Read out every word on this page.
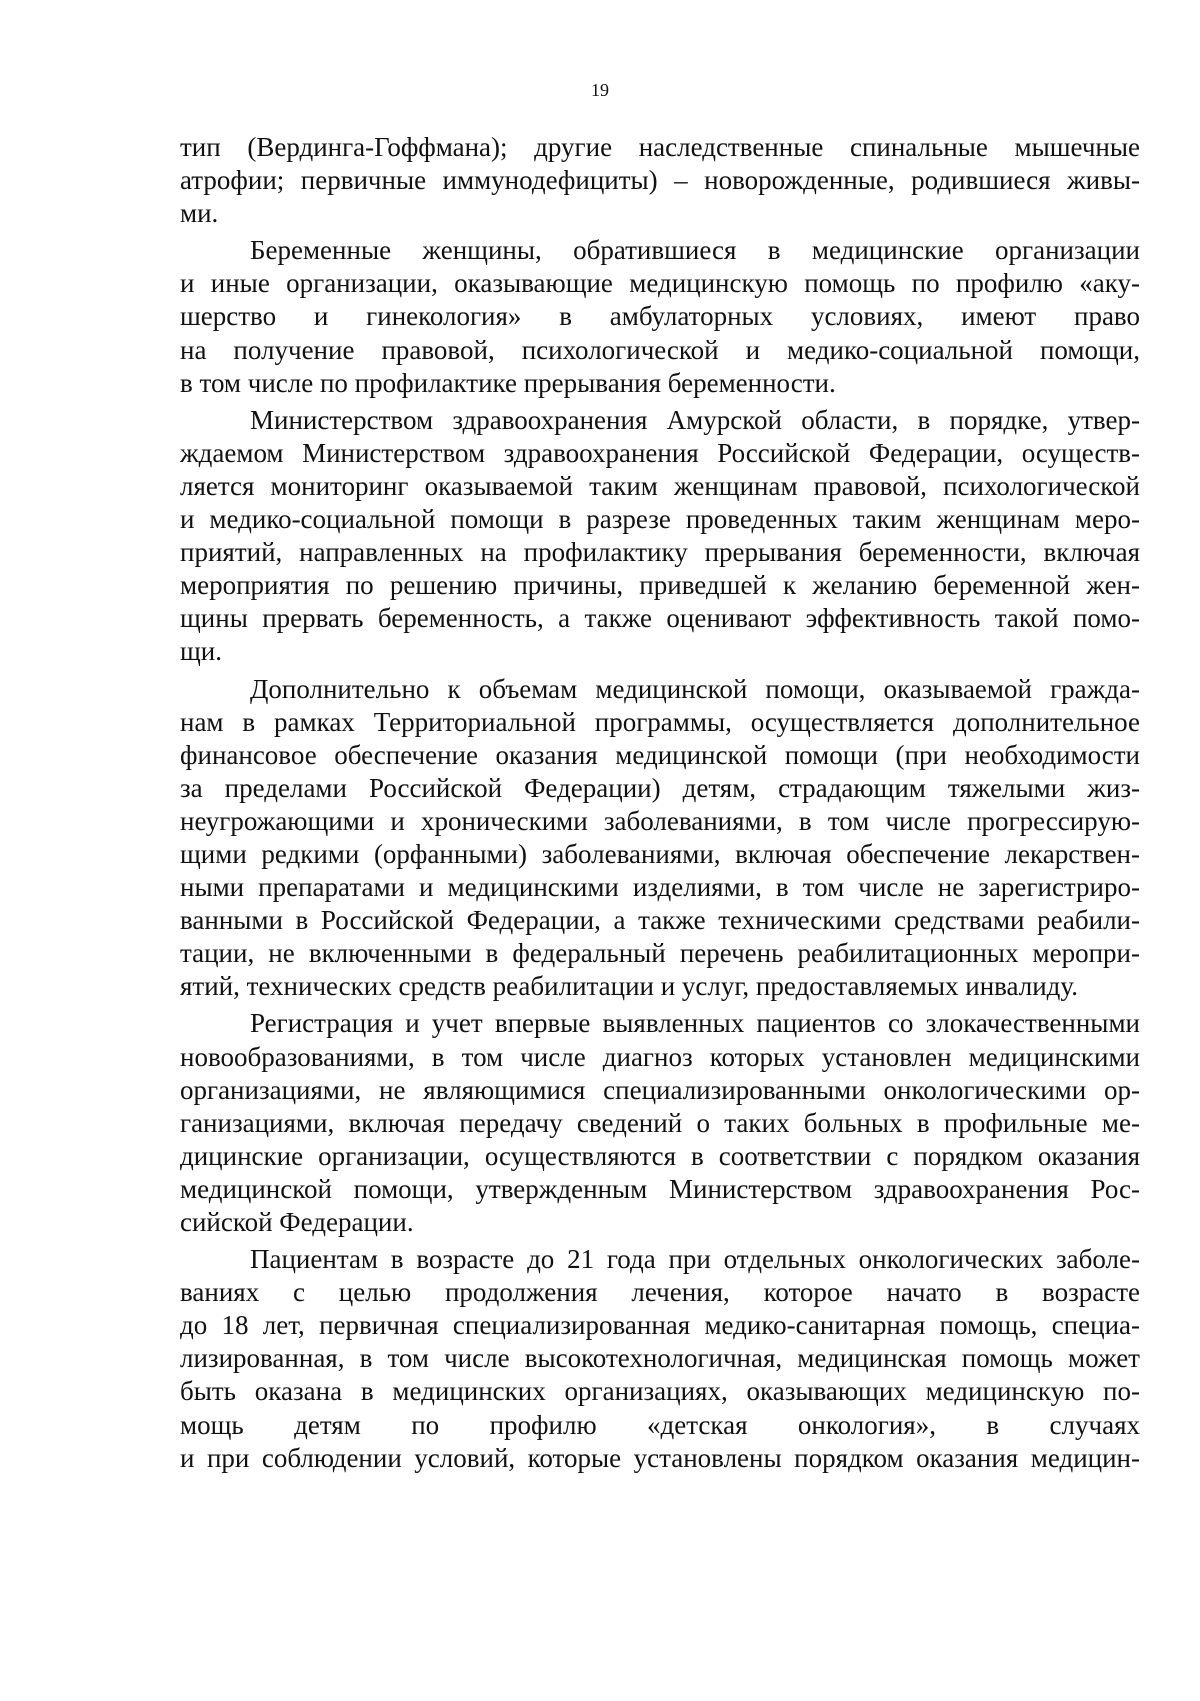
19
тип (Вердинга-Гоффмана); другие наследственные спинальные мышечные
атрофии; первичные иммунодефициты) – новорожденные, родившиеся живы-
ми.
Беременные женщины, обратившиеся в медицинские организации
и иные организации, оказывающие медицинскую помощь по профилю «аку-
шерство и гинекология» в амбулаторных условиях, имеют право
на получение правовой, психологической и медико-социальной помощи,
в том числе по профилактике прерывания беременности.
Министерством здравоохранения Амурской области, в порядке, утвер-
ждаемом Министерством здравоохранения Российской Федерации, осуществ-
ляется мониторинг оказываемой таким женщинам правовой, психологической
и медико-социальной помощи в разрезе проведенных таким женщинам меро-
приятий, направленных на профилактику прерывания беременности, включая
мероприятия по решению причины, приведшей к желанию беременной жен-
щины прервать беременность, а также оценивают эффективность такой помо-
щи.
Дополнительно к объемам медицинской помощи, оказываемой гражда-
нам в рамках Территориальной программы, осуществляется дополнительное
финансовое обеспечение оказания медицинской помощи (при необходимости
за пределами Российской Федерации) детям, страдающим тяжелыми жиз-
неугрожающими и хроническими заболеваниями, в том числе прогрессирую-
щими редкими (орфанными) заболеваниями, включая обеспечение лекарствен-
ными препаратами и медицинскими изделиями, в том числе не зарегистриро-
ванными в Российской Федерации, а также техническими средствами реабили-
тации, не включенными в федеральный перечень реабилитационных меропри-
ятий, технических средств реабилитации и услуг, предоставляемых инвалиду.
Регистрация и учет впервые выявленных пациентов со злокачественными
новообразованиями, в том числе диагноз которых установлен медицинскими
организациями, не являющимися специализированными онкологическими ор-
ганизациями, включая передачу сведений о таких больных в профильные ме-
дицинские организации, осуществляются в соответствии с порядком оказания
медицинской помощи, утвержденным Министерством здравоохранения Рос-
сийской Федерации.
Пациентам в возрасте до 21 года при отдельных онкологических заболе-
ваниях с целью продолжения лечения, которое начато в возрасте
до 18 лет, первичная специализированная медико-санитарная помощь, специа-
лизированная, в том числе высокотехнологичная, медицинская помощь может
быть оказана в медицинских организациях, оказывающих медицинскую по-
мощь детям по профилю «детская онкология», в случаях
и при соблюдении условий, которые установлены порядком оказания медицин-
